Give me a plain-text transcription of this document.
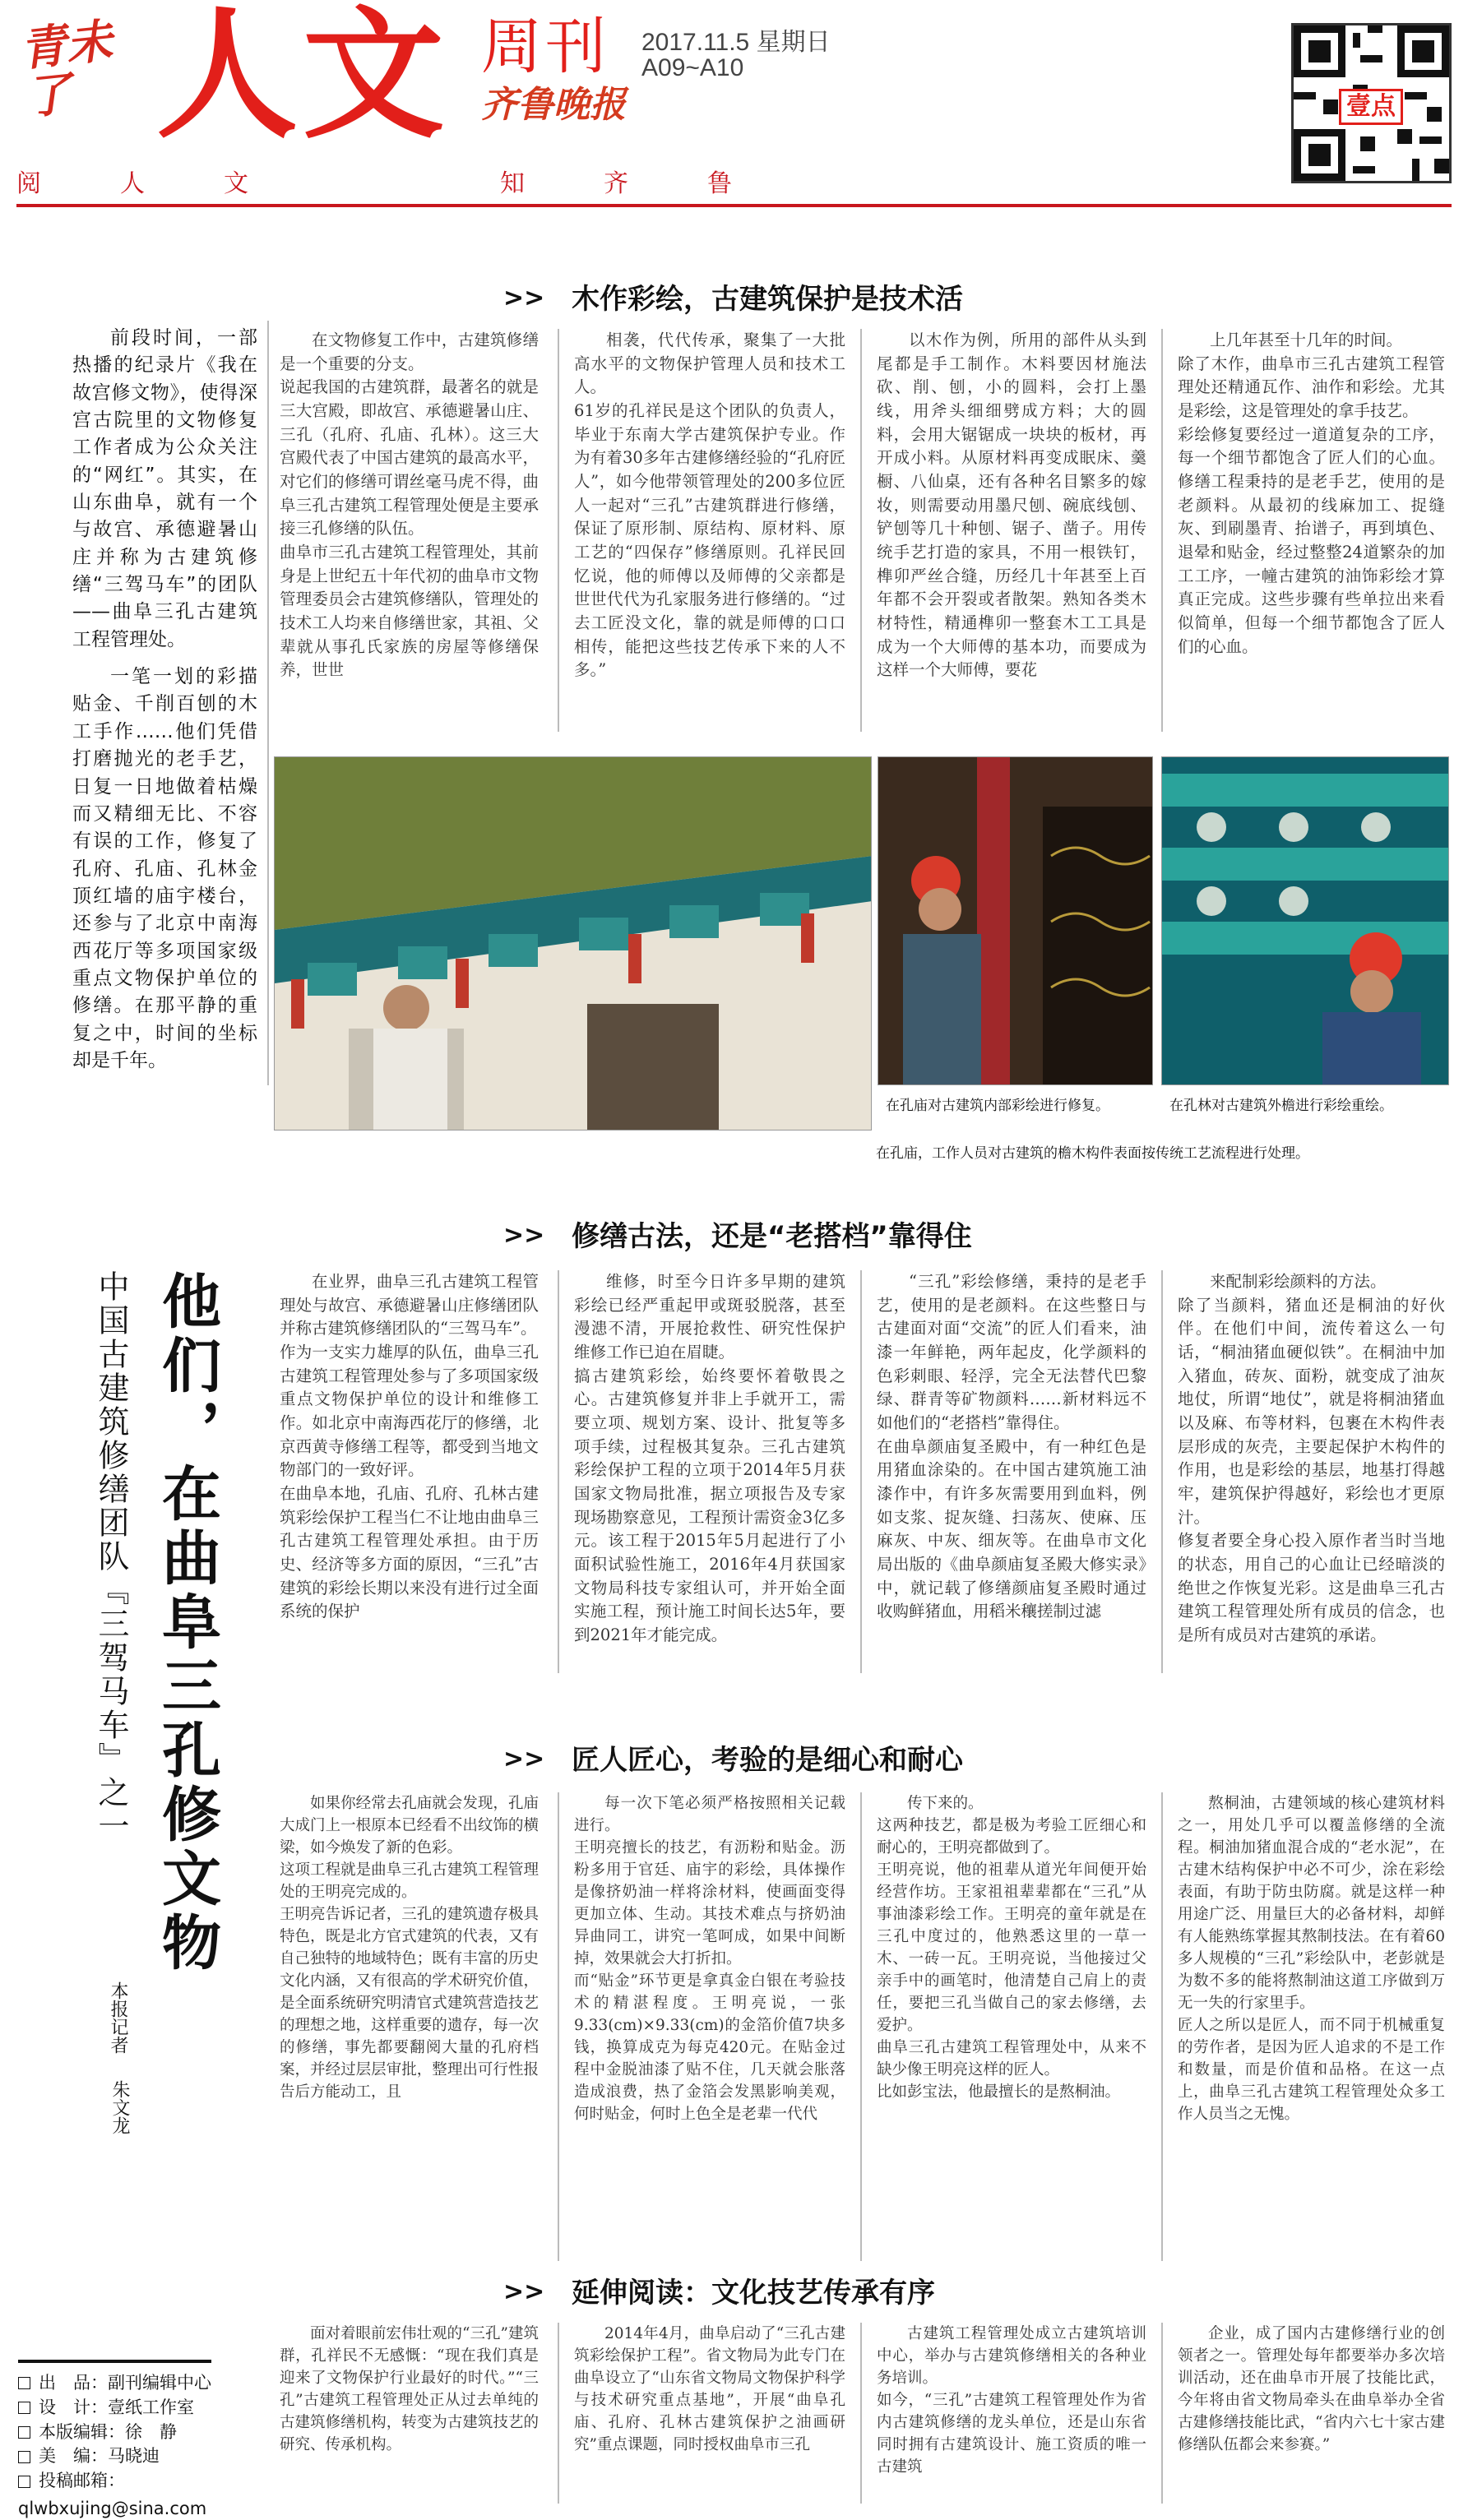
青未了 人文 周刊
齐鲁晚报
2017.11.5 星期日
A09~A10
壹点
阅	人	文	知	齐	鲁
前段时间，一部热播的纪录片《我在故宫修文物》，使得深宫古院里的文物修复工作者成为公众关注的“网红”。其实，在山东曲阜，就有一个与故宫、承德避暑山庄并称为古建筑修缮“三驾马车”的团队——曲阜三孔古建筑工程管理处。
一笔一划的彩描贴金、千削百刨的木工手作……他们凭借打磨抛光的老手艺，日复一日地做着枯燥而又精细无比、不容有误的工作，修复了孔府、孔庙、孔林金顶红墙的庙宇楼台，还参与了北京中南海西花厅等多项国家级重点文物保护单位的修缮。在那平静的重复之中，时间的坐标却是千年。
他们，在曲阜三孔修文物
中国古建筑修缮团队『三驾马车』之一
本报记者
朱文龙
出　品：副刊编辑中心
设　计：壹纸工作室
本版编辑：徐　静
美　编：马晓迪
投稿邮箱：
qlwbxujing@sina.com
>> 木作彩绘，古建筑保护是技术活
在文物修复工作中，古建筑修缮是一个重要的分支。
说起我国的古建筑群，最著名的就是三大宫殿，即故宫、承德避暑山庄、三孔（孔府、孔庙、孔林）。这三大宫殿代表了中国古建筑的最高水平，对它们的修缮可谓丝毫马虎不得，曲阜三孔古建筑工程管理处便是主要承接三孔修缮的队伍。
曲阜市三孔古建筑工程管理处，其前身是上世纪五十年代初的曲阜市文物管理委员会古建筑修缮队，管理处的技术工人均来自修缮世家，其祖、父辈就从事孔氏家族的房屋等修缮保养，世世
相袭，代代传承，聚集了一大批高水平的文物保护管理人员和技术工人。
61岁的孔祥民是这个团队的负责人，毕业于东南大学古建筑保护专业。作为有着30多年古建修缮经验的“孔府匠人”，如今他带领管理处的200多位匠人一起对“三孔”古建筑群进行修缮，保证了原形制、原结构、原材料、原工艺的“四保存”修缮原则。孔祥民回忆说，他的师傅以及师傅的父亲都是世世代代为孔家服务进行修缮的。“过去工匠没文化，靠的就是师傅的口口相传，能把这些技艺传承下来的人不多。”
以木作为例，所用的部件从头到尾都是手工制作。木料要因材施法砍、削、刨，小的圆料，会打上墨线，用斧头细细劈成方料；大的圆料，会用大锯锯成一块块的板材，再开成小料。从原材料再变成眠床、羹橱、八仙桌，还有各种名目繁多的嫁妆，则需要动用墨尺刨、碗底线刨、铲刨等几十种刨、锯子、凿子。用传统手艺打造的家具，不用一根铁钉，榫卯严丝合缝，历经几十年甚至上百年都不会开裂或者散架。熟知各类木材特性，精通榫卯一整套木工工具是成为一个大师傅的基本功，而要成为这样一个大师傅，要花
上几年甚至十几年的时间。
除了木作，曲阜市三孔古建筑工程管理处还精通瓦作、油作和彩绘。尤其是彩绘，这是管理处的拿手技艺。
彩绘修复要经过一道道复杂的工序，每一个细节都饱含了匠人们的心血。修缮工程秉持的是老手艺，使用的是老颜料。从最初的线麻加工、捉缝灰、到刷墨青、抬谱子，再到填色、退晕和贴金，经过整整24道繁杂的加工工序，一幢古建筑的油饰彩绘才算真正完成。这些步骤有些单拉出来看似简单，但每一个细节都饱含了匠人们的心血。
在孔庙对古建筑内部彩绘进行修复。	在孔林对古建筑外檐进行彩绘重绘。
在孔庙，工作人员对古建筑的檐木构件表面按传统工艺流程进行处理。
>> 修缮古法，还是“老搭档”靠得住
在业界，曲阜三孔古建筑工程管理处与故宫、承德避暑山庄修缮团队并称古建筑修缮团队的“三驾马车”。
作为一支实力雄厚的队伍，曲阜三孔古建筑工程管理处参与了多项国家级重点文物保护单位的设计和维修工作。如北京中南海西花厅的修缮，北京西黄寺修缮工程等，都受到当地文物部门的一致好评。
在曲阜本地，孔庙、孔府、孔林古建筑彩绘保护工程当仁不让地由曲阜三孔古建筑工程管理处承担。由于历史、经济等多方面的原因，“三孔”古建筑的彩绘长期以来没有进行过全面系统的保护
维修，时至今日许多早期的建筑彩绘已经严重起甲或斑驳脱落，甚至漫漶不清，开展抢救性、研究性保护维修工作已迫在眉睫。
搞古建筑彩绘，始终要怀着敬畏之心。古建筑修复并非上手就开工，需要立项、规划方案、设计、批复等多项手续，过程极其复杂。三孔古建筑彩绘保护工程的立项于2014年5月获国家文物局批准，据立项报告及专家现场勘察意见，工程预计需资金3亿多元。该工程于2015年5月起进行了小面积试验性施工，2016年4月获国家文物局科技专家组认可，并开始全面实施工程，预计施工时间长达5年，要到2021年才能完成。
“三孔”彩绘修缮，秉持的是老手艺，使用的是老颜料。在这些整日与古建面对面“交流”的匠人们看来，油漆一年鲜艳，两年起皮，化学颜料的色彩刺眼、轻浮，完全无法替代巴黎绿、群青等矿物颜料……新材料远不如他们的“老搭档”靠得住。
在曲阜颜庙复圣殿中，有一种红色是用猪血涂染的。在中国古建筑施工油漆作中，有许多灰需要用到血料，例如支浆、捉灰缝、扫荡灰、使麻、压麻灰、中灰、细灰等。在曲阜市文化局出版的《曲阜颜庙复圣殿大修实录》中，就记载了修缮颜庙复圣殿时通过收购鲜猪血，用稻米穰搓制过滤
来配制彩绘颜料的方法。
除了当颜料，猪血还是桐油的好伙伴。在他们中间，流传着这么一句话，“桐油猪血硬似铁”。在桐油中加入猪血，砖灰、面粉，就变成了油灰地仗，所谓“地仗”，就是将桐油猪血以及麻、布等材料，包裹在木构件表层形成的灰壳，主要起保护木构件的作用，也是彩绘的基层，地基打得越牢，建筑保护得越好，彩绘也才更原汁。
修复者要全身心投入原作者当时当地的状态，用自己的心血让已经暗淡的绝世之作恢复光彩。这是曲阜三孔古建筑工程管理处所有成员的信念，也是所有成员对古建筑的承诺。
>> 匠人匠心，考验的是细心和耐心
如果你经常去孔庙就会发现，孔庙大成门上一根原本已经看不出纹饰的横梁，如今焕发了新的色彩。
这项工程就是曲阜三孔古建筑工程管理处的王明亮完成的。
王明亮告诉记者，三孔的建筑遗存极具特色，既是北方官式建筑的代表，又有自己独特的地域特色；既有丰富的历史文化内涵，又有很高的学术研究价值，是全面系统研究明清官式建筑营造技艺的理想之地，这样重要的遗存，每一次的修缮，事先都要翻阅大量的孔府档案，并经过层层审批，整理出可行性报告后方能动工，且
每一次下笔必须严格按照相关记载进行。
王明亮擅长的技艺，有沥粉和贴金。沥粉多用于官廷、庙宇的彩绘，具体操作是像挤奶油一样将涂材料，使画面变得更加立体、生动。其技术难点与挤奶油异曲同工，讲究一笔呵成，如果中间断掉，效果就会大打折扣。
而“贴金”环节更是拿真金白银在考验技术的精湛程度。王明亮说，一张9.33(cm)×9.33(cm)的金箔价值7块多钱，换算成克为每克420元。在贴金过程中金脱油漆了贴不住，几天就会胀落造成浪费，热了金箔会发黑影响美观，何时贴金，何时上色全是老辈一代代
传下来的。
这两种技艺，都是极为考验工匠细心和耐心的，王明亮都做到了。
王明亮说，他的祖辈从道光年间便开始经营作坊。王家祖祖辈辈都在“三孔”从事油漆彩绘工作。王明亮的童年就是在三孔中度过的，他熟悉这里的一草一木、一砖一瓦。王明亮说，当他接过父亲手中的画笔时，他清楚自己肩上的责任，要把三孔当做自己的家去修缮，去爱护。
曲阜三孔古建筑工程管理处中，从来不缺少像王明亮这样的匠人。
比如彭宝法，他最擅长的是熬桐油。
熬桐油，古建领域的核心建筑材料之一，用处几乎可以覆盖修缮的全流程。桐油加猪血混合成的“老水泥”，在古建木结构保护中必不可少，涂在彩绘表面，有助于防虫防腐。就是这样一种用途广泛、用量巨大的必备材料，却鲜有人能熟练掌握其熬制技法。在有着60多人规模的“三孔”彩绘队中，老彭就是为数不多的能将熬制油这道工序做到万无一失的行家里手。
匠人之所以是匠人，而不同于机械重复的劳作者，是因为匠人追求的不是工作和数量，而是价值和品格。在这一点上，曲阜三孔古建筑工程管理处众多工作人员当之无愧。
>> 延伸阅读：文化技艺传承有序
面对着眼前宏伟壮观的“三孔”建筑群，孔祥民不无感慨：“现在我们真是迎来了文物保护行业最好的时代。”“三孔”古建筑工程管理处正从过去单纯的古建筑修缮机构，转变为古建筑技艺的研究、传承机构。
2014年4月，曲阜启动了“三孔古建筑彩绘保护工程”。省文物局为此专门在曲阜设立了“山东省文物局文物保护科学与技术研究重点基地”，开展“曲阜孔庙、孔府、孔林古建筑保护之油画研究”重点课题，同时授权曲阜市三孔
古建筑工程管理处成立古建筑培训中心，举办与古建筑修缮相关的各种业务培训。
如今，“三孔”古建筑工程管理处作为省内古建筑修缮的龙头单位，还是山东省同时拥有古建筑设计、施工资质的唯一古建筑
企业，成了国内古建修缮行业的创领者之一。管理处每年都要举办多次培训活动，还在曲阜市开展了技能比武，今年将由省文物局牵头在曲阜举办全省古建修缮技能比武，“省内六七十家古建修缮队伍都会来参赛。”
